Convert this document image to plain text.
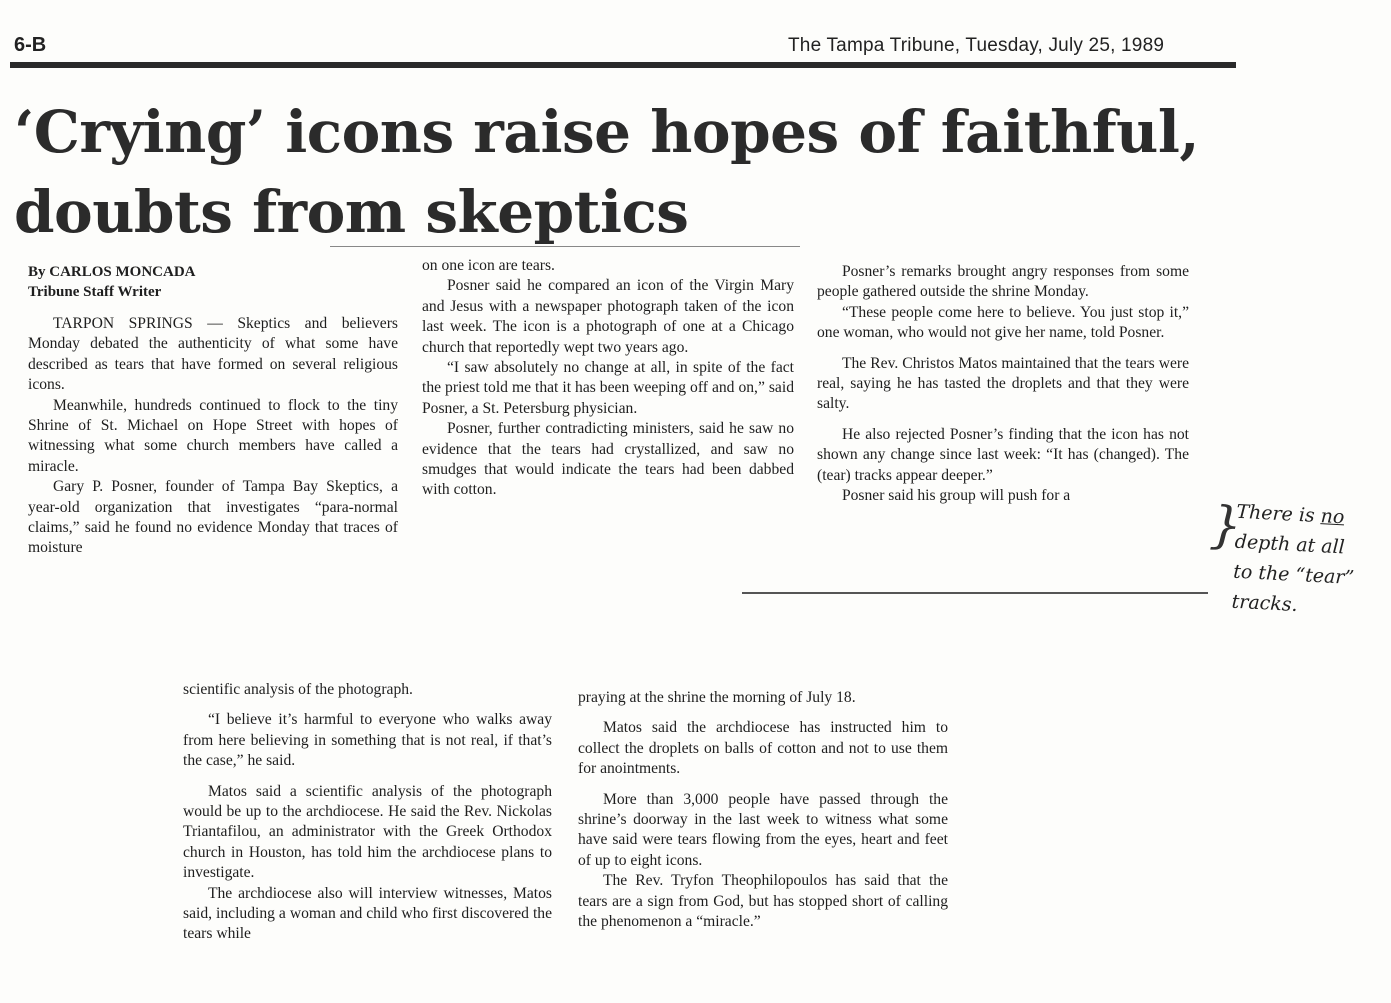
6-B	The Tampa Tribune, Tuesday, July 25, 1989
‘Crying’ icons raise hopes of faithful,
doubts from skeptics
By CARLOS MONCADA
Tribune Staff Writer

TARPON SPRINGS — Skeptics and believers Monday debated the authenticity of what some have described as tears that have formed on several religious icons.

Meanwhile, hundreds continued to flock to the tiny Shrine of St. Michael on Hope Street with hopes of witnessing what some church members have called a miracle.

Gary P. Posner, founder of Tampa Bay Skeptics, a year-old organization that investigates “para-normal claims,” said he found no evidence Monday that traces of moisture

on one icon are tears.

Posner said he compared an icon of the Virgin Mary and Jesus with a newspaper photograph taken of the icon last week. The icon is a photograph of one at a Chicago church that reportedly wept two years ago.

“I saw absolutely no change at all, in spite of the fact the priest told me that it has been weeping off and on,” said Posner, a St. Petersburg physician.

Posner, further contradicting ministers, said he saw no evidence that the tears had crystallized, and saw no smudges that would indicate the tears had been dabbed with cotton.

Posner’s remarks brought angry responses from some people gathered outside the shrine Monday.

“These people come here to believe. You just stop it,” one woman, who would not give her name, told Posner.

The Rev. Christos Matos maintained that the tears were real, saying he has tasted the droplets and that they were salty.

He also rejected Posner’s finding that the icon has not shown any change since last week: “It has (changed). The (tear) tracks appear deeper.”

Posner said his group will push for a	}
There is no
depth at all
to the “tear”
tracks.

scientific analysis of the photograph.

“I believe it’s harmful to everyone who walks away from here believing in something that is not real, if that’s the case,” he said.

Matos said a scientific analysis of the photograph would be up to the archdiocese. He said the Rev. Nickolas Triantafilou, an administrator with the Greek Orthodox church in Houston, has told him the archdiocese plans to investigate.

The archdiocese also will interview witnesses, Matos said, including a woman and child who first discovered the tears while

praying at the shrine the morning of July 18.

Matos said the archdiocese has instructed him to collect the droplets on balls of cotton and not to use them for anointments.

More than 3,000 people have passed through the shrine’s doorway in the last week to witness what some have said were tears flowing from the eyes, heart and feet of up to eight icons.

The Rev. Tryfon Theophilopoulos has said that the tears are a sign from God, but has stopped short of calling the phenomenon a “miracle.”
